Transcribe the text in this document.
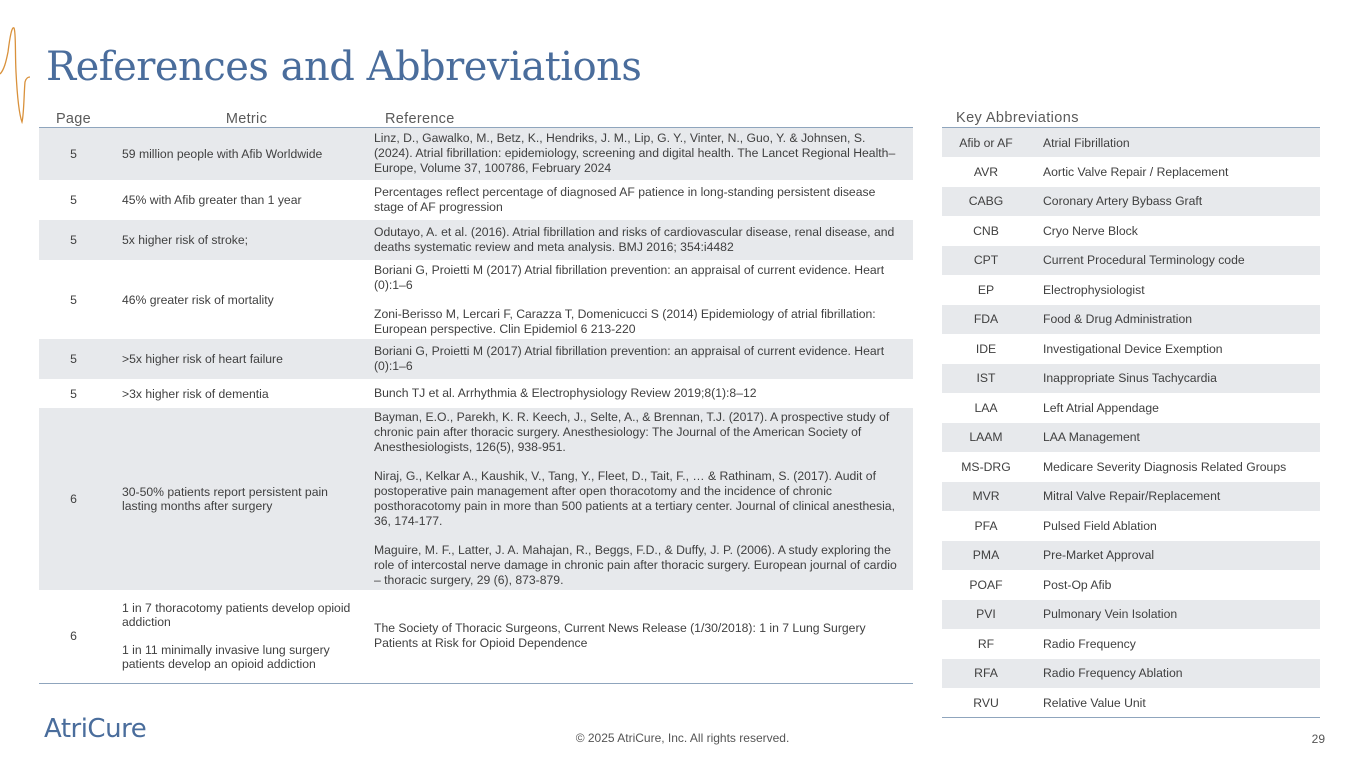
References and Abbreviations
Page		Metric Reference
5		59 million people with Afib Worldwide
Linz, D., Gawalko, M., Betz, K., Hendriks, J. M., Lip, G. Y., Vinter, N., Guo, Y. & Johnsen, S. (2024). Atrial fibrillation: epidemiology, screening and digital health. The Lancet Regional Health–Europe, Volume 37, 100786, February 2024

5		45% with Afib greater than 1 year
Percentages reflect percentage of diagnosed AF patience in long-standing persistent disease stage of AF progression

5		5x higher risk of stroke;
Odutayo, A. et al. (2016). Atrial fibrillation and risks of cardiovascular disease, renal disease, and deaths systematic review and meta analysis. BMJ 2016; 354:i4482

5		46% greater risk of mortality
Boriani G, Proietti M (2017) Atrial fibrillation prevention: an appraisal of current evidence. Heart (0):1–6
Zoni-Berisso M, Lercari F, Carazza T, Domenicucci S (2014) Epidemiology of atrial fibrillation: European perspective. Clin Epidemiol 6 213-220

5		>5x higher risk of heart failure
Boriani G, Proietti M (2017) Atrial fibrillation prevention: an appraisal of current evidence. Heart (0):1–6

5		>3x higher risk of dementia Bunch TJ et al. Arrhythmia & Electrophysiology Review 2019;8(1):8–12

6		30-50% patients report persistent pain lasting months after surgery
Bayman, E.O., Parekh, K. R. Keech, J., Selte, A., & Brennan, T.J. (2017). A prospective study of chronic pain after thoracic surgery. Anesthesiology: The Journal of the American Society of Anesthesiologists, 126(5), 938-951.
Niraj, G., Kelkar A., Kaushik, V., Tang, Y., Fleet, D., Tait, F., … & Rathinam, S. (2017). Audit of postoperative pain management after open thoracotomy and the incidence of chronic posthoracotomy pain in more than 500 patients at a tertiary center. Journal of clinical anesthesia, 36, 174-177.
Maguire, M. F., Latter, J. A. Mahajan, R., Beggs, F.D., & Duffy, J. P. (2006). A study exploring the role of intercostal nerve damage in chronic pain after thoracic surgery. European journal of cardio – thoracic surgery, 29 (6), 873-879.

6		1 in 7 thoracotomy patients develop opioid addiction
1 in 11 minimally invasive lung surgery patients develop an opioid addiction
The Society of Thoracic Surgeons, Current News Release (1/30/2018): 1 in 7 Lung Surgery Patients at Risk for Opioid Dependence
Key Abbreviations
Afib or AF	Atrial Fibrillation
AVR	Aortic Valve Repair / Replacement
CABG	Coronary Artery Bybass Graft
CNB	Cryo Nerve Block
CPT	Current Procedural Terminology code
EP	Electrophysiologist
FDA	Food & Drug Administration
IDE	Investigational Device Exemption
IST	Inappropriate Sinus Tachycardia
LAA	Left Atrial Appendage
LAAM	LAA Management
MS-DRG	Medicare Severity Diagnosis Related Groups
MVR	Mitral Valve Repair/Replacement
PFA	Pulsed Field Ablation
PMA	Pre-Market Approval
POAF	Post-Op Afib
PVI	Pulmonary Vein Isolation
RF	Radio Frequency
RFA	Radio Frequency Ablation
RVU	Relative Value Unit
AtriCure	© 2025 AtriCure, Inc. All rights reserved.	29
